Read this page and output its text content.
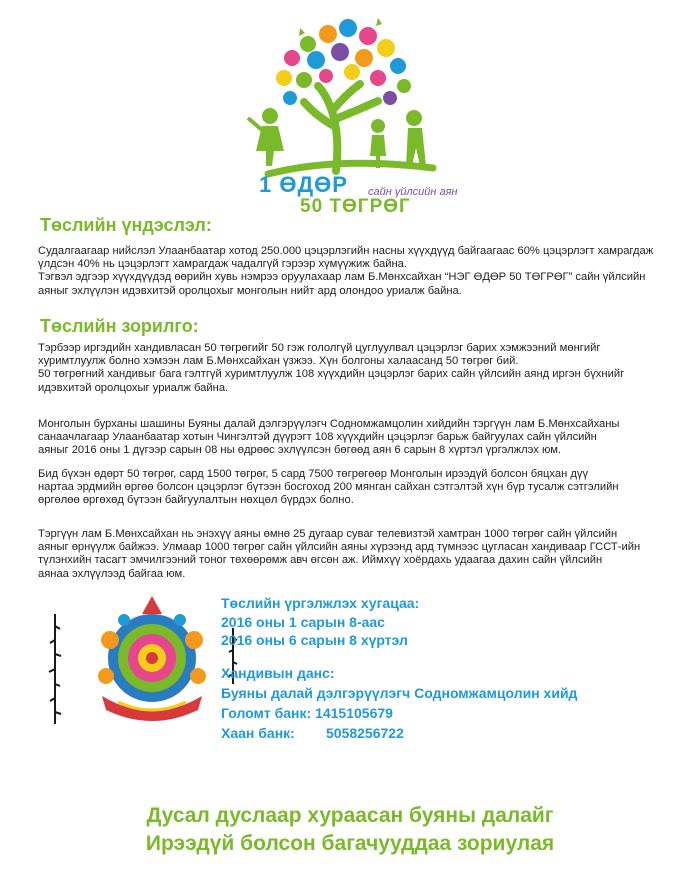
1 ӨДӨР сайн үйлсийн аян
50 ТӨГРӨГ
Төслийн үндэслэл:
Судалгаагаар нийслэл Улаанбаатар хотод 250.000 цэцэрлэгийн насны хүүхдүүд байгаагаас 60% цэцэрлэгт хамрагдаж
үлдсэн 40% нь цэцэрлэгт хамрагдаж чадалгүй гэрээр хүмүүжиж байна.
Тэгвэл эдгээр хүүхдүүдэд өөрийн хувь нэмрээ оруулахаар лам Б.Мөнхсайхан “НЭГ ӨДӨР 50 ТӨГРӨГ” сайн үйлсийн
аяныг эхлүүлэн идэвхитэй оролцохыг монголын нийт ард олондоо уриалж байна.
Төслийн зорилго:
Тэрбээр иргэдийн хандивласан 50 төгрөгийг 50 гэж гололгүй цуглуулвал цэцэрлэг барих хэмжээний мөнгийг
хуримтлуулж болно хэмээн лам Б.Мөнхсайхан үзжээ. Хүн болгоны халаасанд 50 төгрөг бий.
50 төгрөгний хандивыг бага гэлтгүй хуримтлуулж 108 хүүхдийн цэцэрлэг барих сайн үйлсийн аянд иргэн бүхнийг
идэвхитэй оролцохыг уриалж байна.
Монголын бурханы шашины Буяны далай дэлгэрүүлэгч Содномжамцолин хийдийн тэргүүн лам Б.Мөнхсайханы
санаачлагаар Улаанбаатар хотын Чингэлтэй дүүрэгт 108 хүүхдийн цэцэрлэг барьж байгуулах сайн үйлсийн
аяныг 2016 оны 1 дүгээр сарын 08 ны өдрөөс эхлүүлсэн бөгөөд аян 6 сарын 8 хүртэл үргэлжлэх юм.
Бид бүхэн өдөрт 50 төгрөг, сард 1500 төгрөг, 5 сард 7500 төгрөгөөр Монголын ирээдүй болсон бяцхан дүү
нартаа эрдмийн өргөө болсон цэцэрлэг бүтээн босгоход 200 мянган сайхан сэтгэлтэй хүн бүр тусалж сэтгэлийн
өргөлөө өргөхөд бүтээн байгуулалтын нөхцөл бүрдэх болно.
Тэргүүн лам Б.Мөнхсайхан нь энэхүү аяны өмнө 25 дугаар суваг телевизтэй хамтран 1000 төгрөг сайн үйлсийн
аяныг өрнүүлж байжээ. Улмаар 1000 төгрөг сайн үйлсийн аяны хүрээнд ард түмнээс цугласан хандиваар ГССТ-ийн
түлэнхийн тасагт эмчилгээний тоног төхөөрөмж авч өгсөн аж. Иймхүү хоёрдахь удаагаа дахин сайн үйлсийн
аянаа эхлүүлээд байгаа юм.
Төслийн үргэлжлэх хугацаа:
2016 оны 1 сарын 8-аас
2016 оны 6 сарын 8 хүртэл
Хандивын данс:
Буяны далай дэлгэрүүлэгч Содномжамцолин хийд
Голомт банк: 1415105679
Хаан банк: 5058256722
Дусал дуслаар хураасан буяны далайг
Ирээдүй болсон багачууддаа зориулая
